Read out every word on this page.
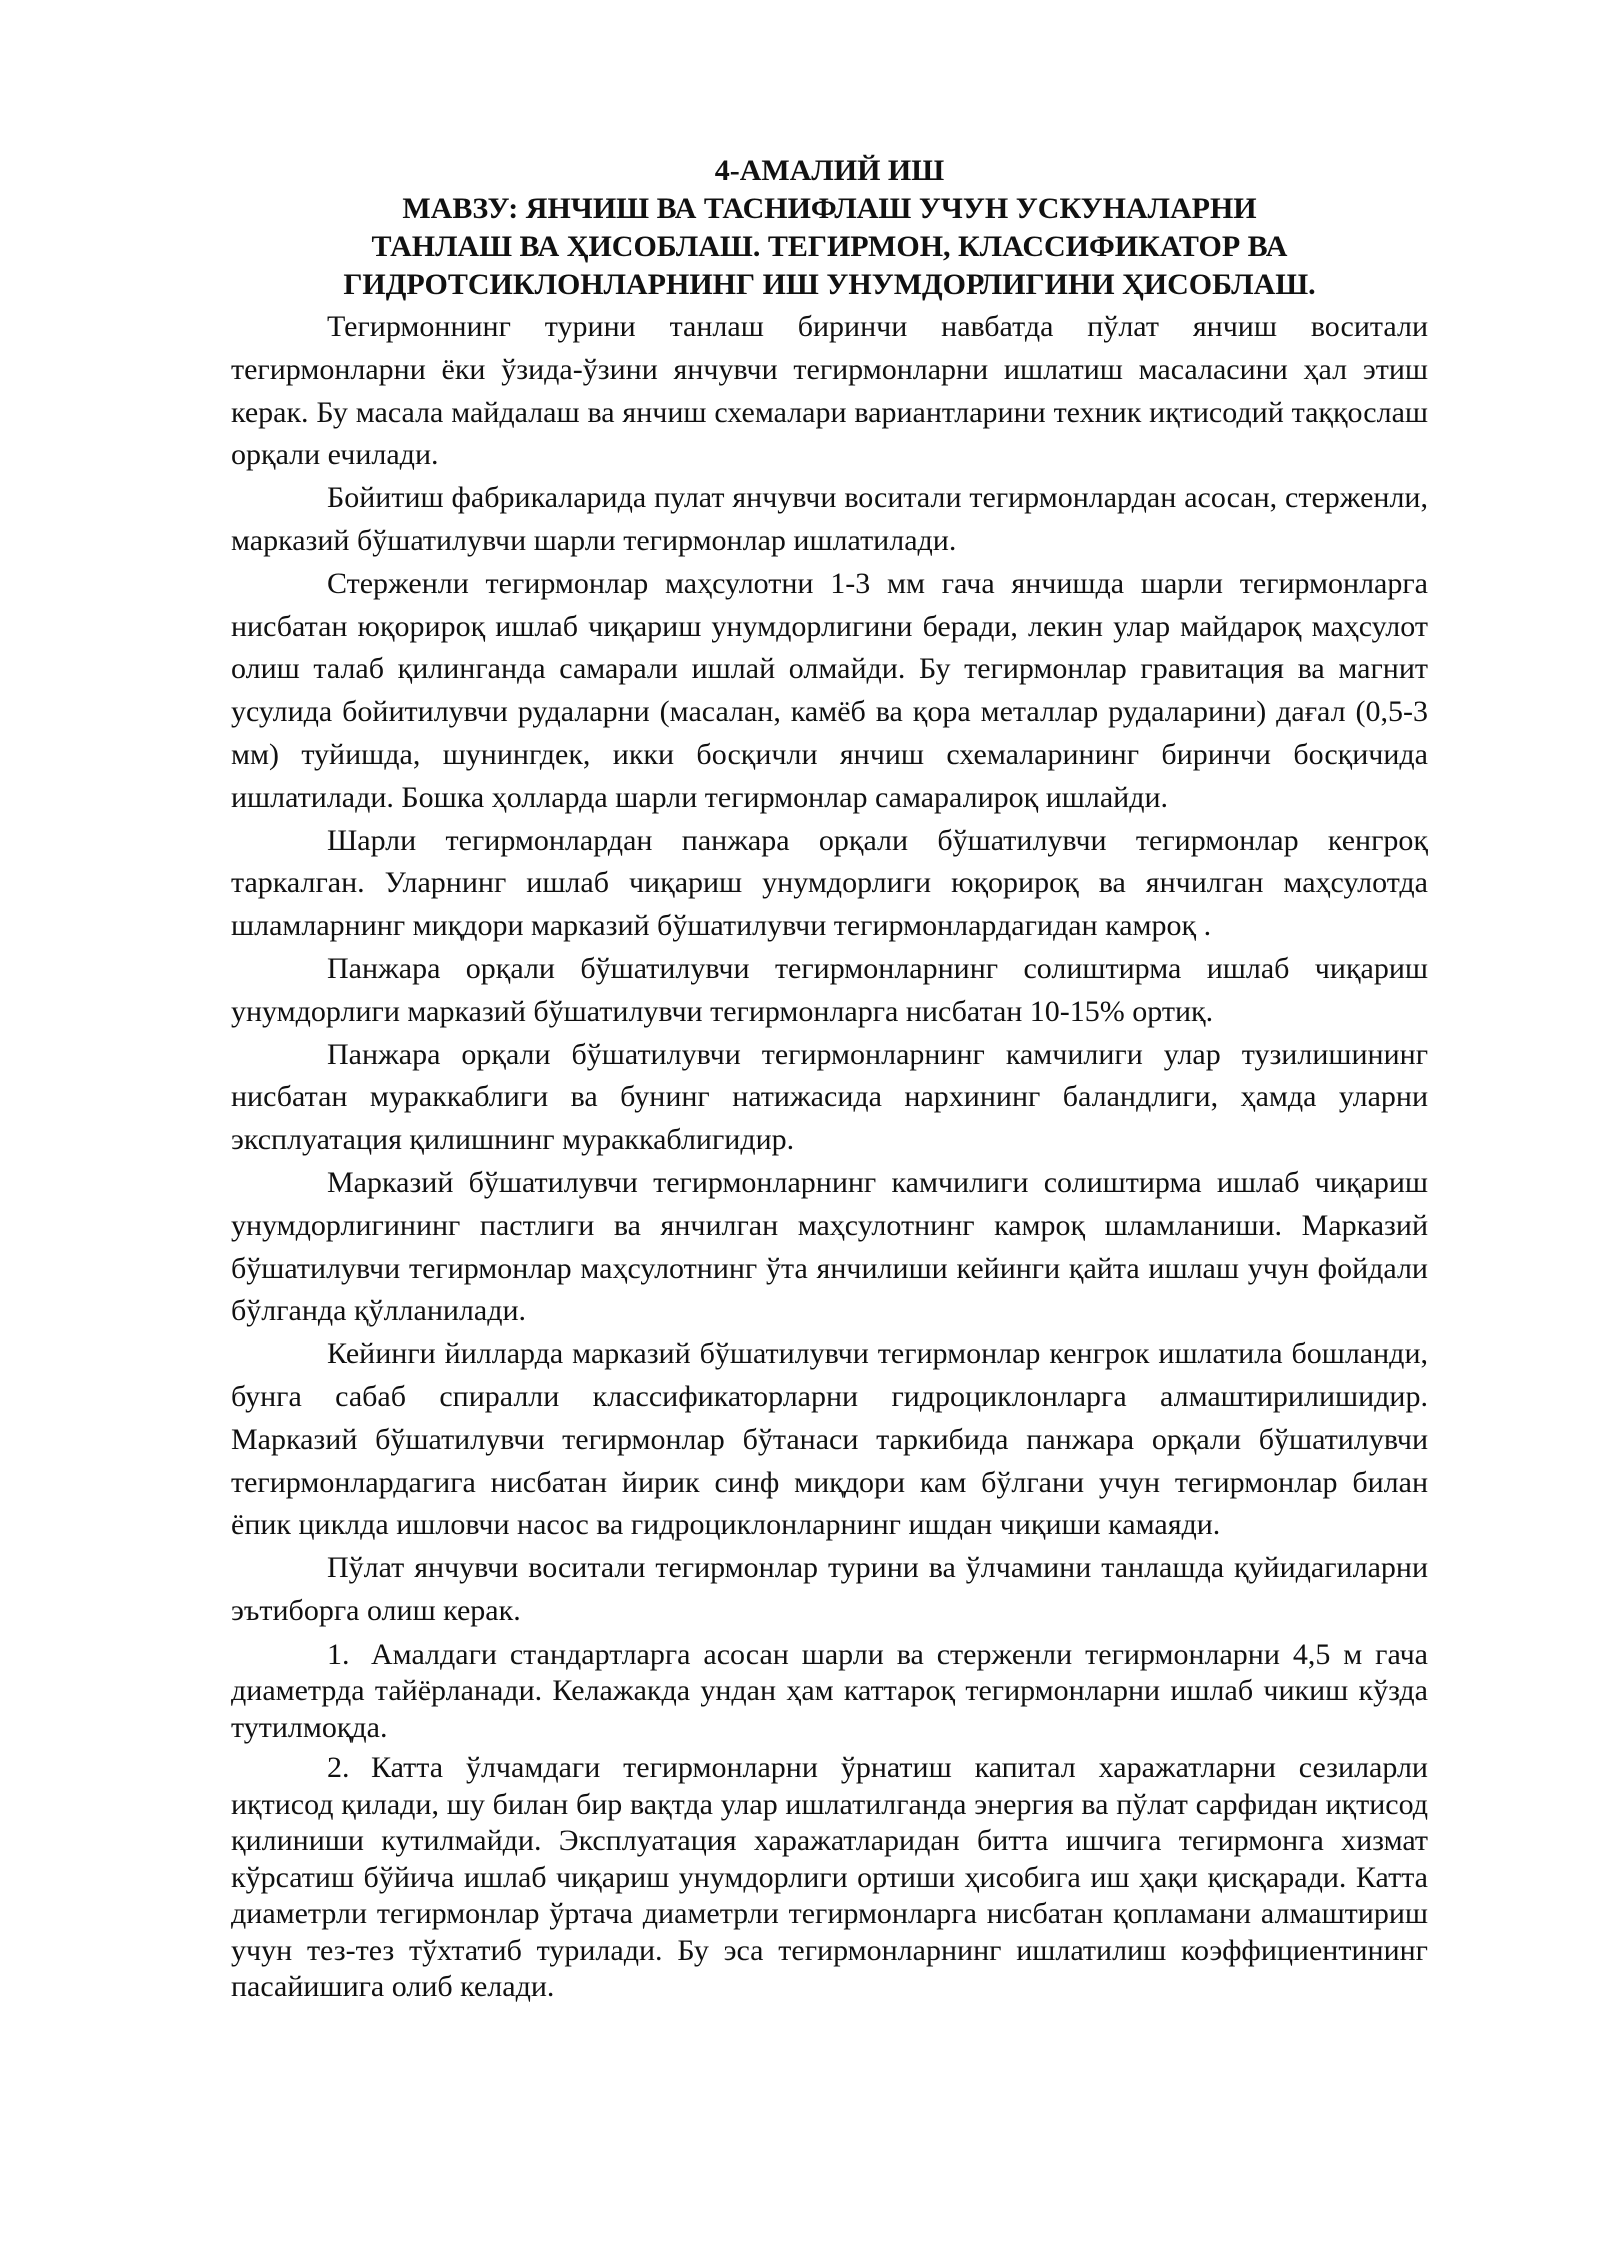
4-АМАЛИЙ ИШ

МАВЗУ: ЯНЧИШ ВА ТАСНИФЛАШ УЧУН УСКУНАЛАРНИ

ТАНЛАШ ВА ҲИСОБЛАШ. ТЕГИРМОН, КЛАССИФИКАТОР ВА

ГИДРОТСИКЛОНЛАРНИНГ ИШ УНУМДОРЛИГИНИ ҲИСОБЛАШ.

Тегирмоннинг турини танлаш биринчи навбатда пўлат янчиш воситали тегирмонларни ёки ўзида-ўзини янчувчи тегирмонларни ишлатиш масаласини ҳал этиш керак. Бу масала майдалаш ва янчиш схемалари вариантларини техник иқтисодий таққослаш орқали ечилади.

Бойитиш фабрикаларида пулат янчувчи воситали тегирмонлардан асосан, стерженли, марказий бўшатилувчи шарли тегирмонлар ишлатилади.

Стерженли тегирмонлар маҳсулотни 1-3 мм гача янчишда шарли тегирмонларга нисбатан юқорироқ ишлаб чиқариш унумдорлигини беради, лекин улар майдароқ маҳсулот олиш талаб қилинганда самарали ишлай олмайди. Бу тегирмонлар гравитация ва магнит усулида бойитилувчи рудаларни (масалан, камёб ва қора металлар рудаларини) дағал (0,5-3 мм) туйишда, шунингдек, икки босқичли янчиш схемаларининг биринчи босқичида ишлатилади. Бошка ҳолларда шарли тегирмонлар самаралироқ ишлайди.

Шарли тегирмонлардан панжара орқали бўшатилувчи тегирмонлар кенгроқ таркалган. Уларнинг ишлаб чиқариш унумдорлиги юқорироқ ва янчилган маҳсулотда шламларнинг миқдори марказий бўшатилувчи тегирмонлардагидан камроқ .

Панжара орқали бўшатилувчи тегирмонларнинг солиштирма ишлаб чиқариш унумдорлиги марказий бўшатилувчи тегирмонларга нисбатан 10-15% ортиқ.

Панжара орқали бўшатилувчи тегирмонларнинг камчилиги улар тузилишининг нисбатан мураккаблиги ва бунинг натижасида нархининг баландлиги, ҳамда уларни эксплуатация қилишнинг мураккаблигидир.

Марказий бўшатилувчи тегирмонларнинг камчилиги солиштирма ишлаб чиқариш унумдорлигининг пастлиги ва янчилган маҳсулотнинг камроқ шламланиши. Марказий бўшатилувчи тегирмонлар маҳсулотнинг ўта янчилиши кейинги қайта ишлаш учун фойдали бўлганда қўлланилади.

Кейинги йилларда марказий бўшатилувчи тегирмонлар кенгрок ишлатила бошланди, бунга сабаб спиралли классификаторларни гидроциклонларга алмаштирилишидир. Марказий бўшатилувчи тегирмонлар бўтанаси таркибида панжара орқали бўшатилувчи тегирмонлардагига нисбатан йирик синф миқдори кам бўлгани учун тегирмонлар билан ёпик циклда ишловчи насос ва гидроциклонларнинг ишдан чиқиши камаяди.

Пўлат янчувчи воситали тегирмонлар турини ва ўлчамини танлашда қуйидагиларни эътиборга олиш керак.

1. Амалдаги стандартларга асосан шарли ва стерженли тегирмонларни 4,5 м гача диаметрда тайёрланади. Келажакда ундан ҳам каттароқ тегирмонларни ишлаб чикиш кўзда тутилмоқда.

2. Катта ўлчамдаги тегирмонларни ўрнатиш капитал харажатларни сезиларли иқтисод қилади, шу билан бир вақтда улар ишлатилганда энергия ва пўлат сарфидан иқтисод қилиниши кутилмайди. Эксплуатация харажатларидан битта ишчига тегирмонга хизмат кўрсатиш бўйича ишлаб чиқариш унумдорлиги ортиши ҳисобига иш ҳақи қисқаради. Катта диаметрли тегирмонлар ўртача диаметрли тегирмонларга нисбатан қопламани алмаштириш учун тез-тез тўхтатиб турилади. Бу эса тегирмонларнинг ишлатилиш коэффициентининг пасайишига олиб келади.
